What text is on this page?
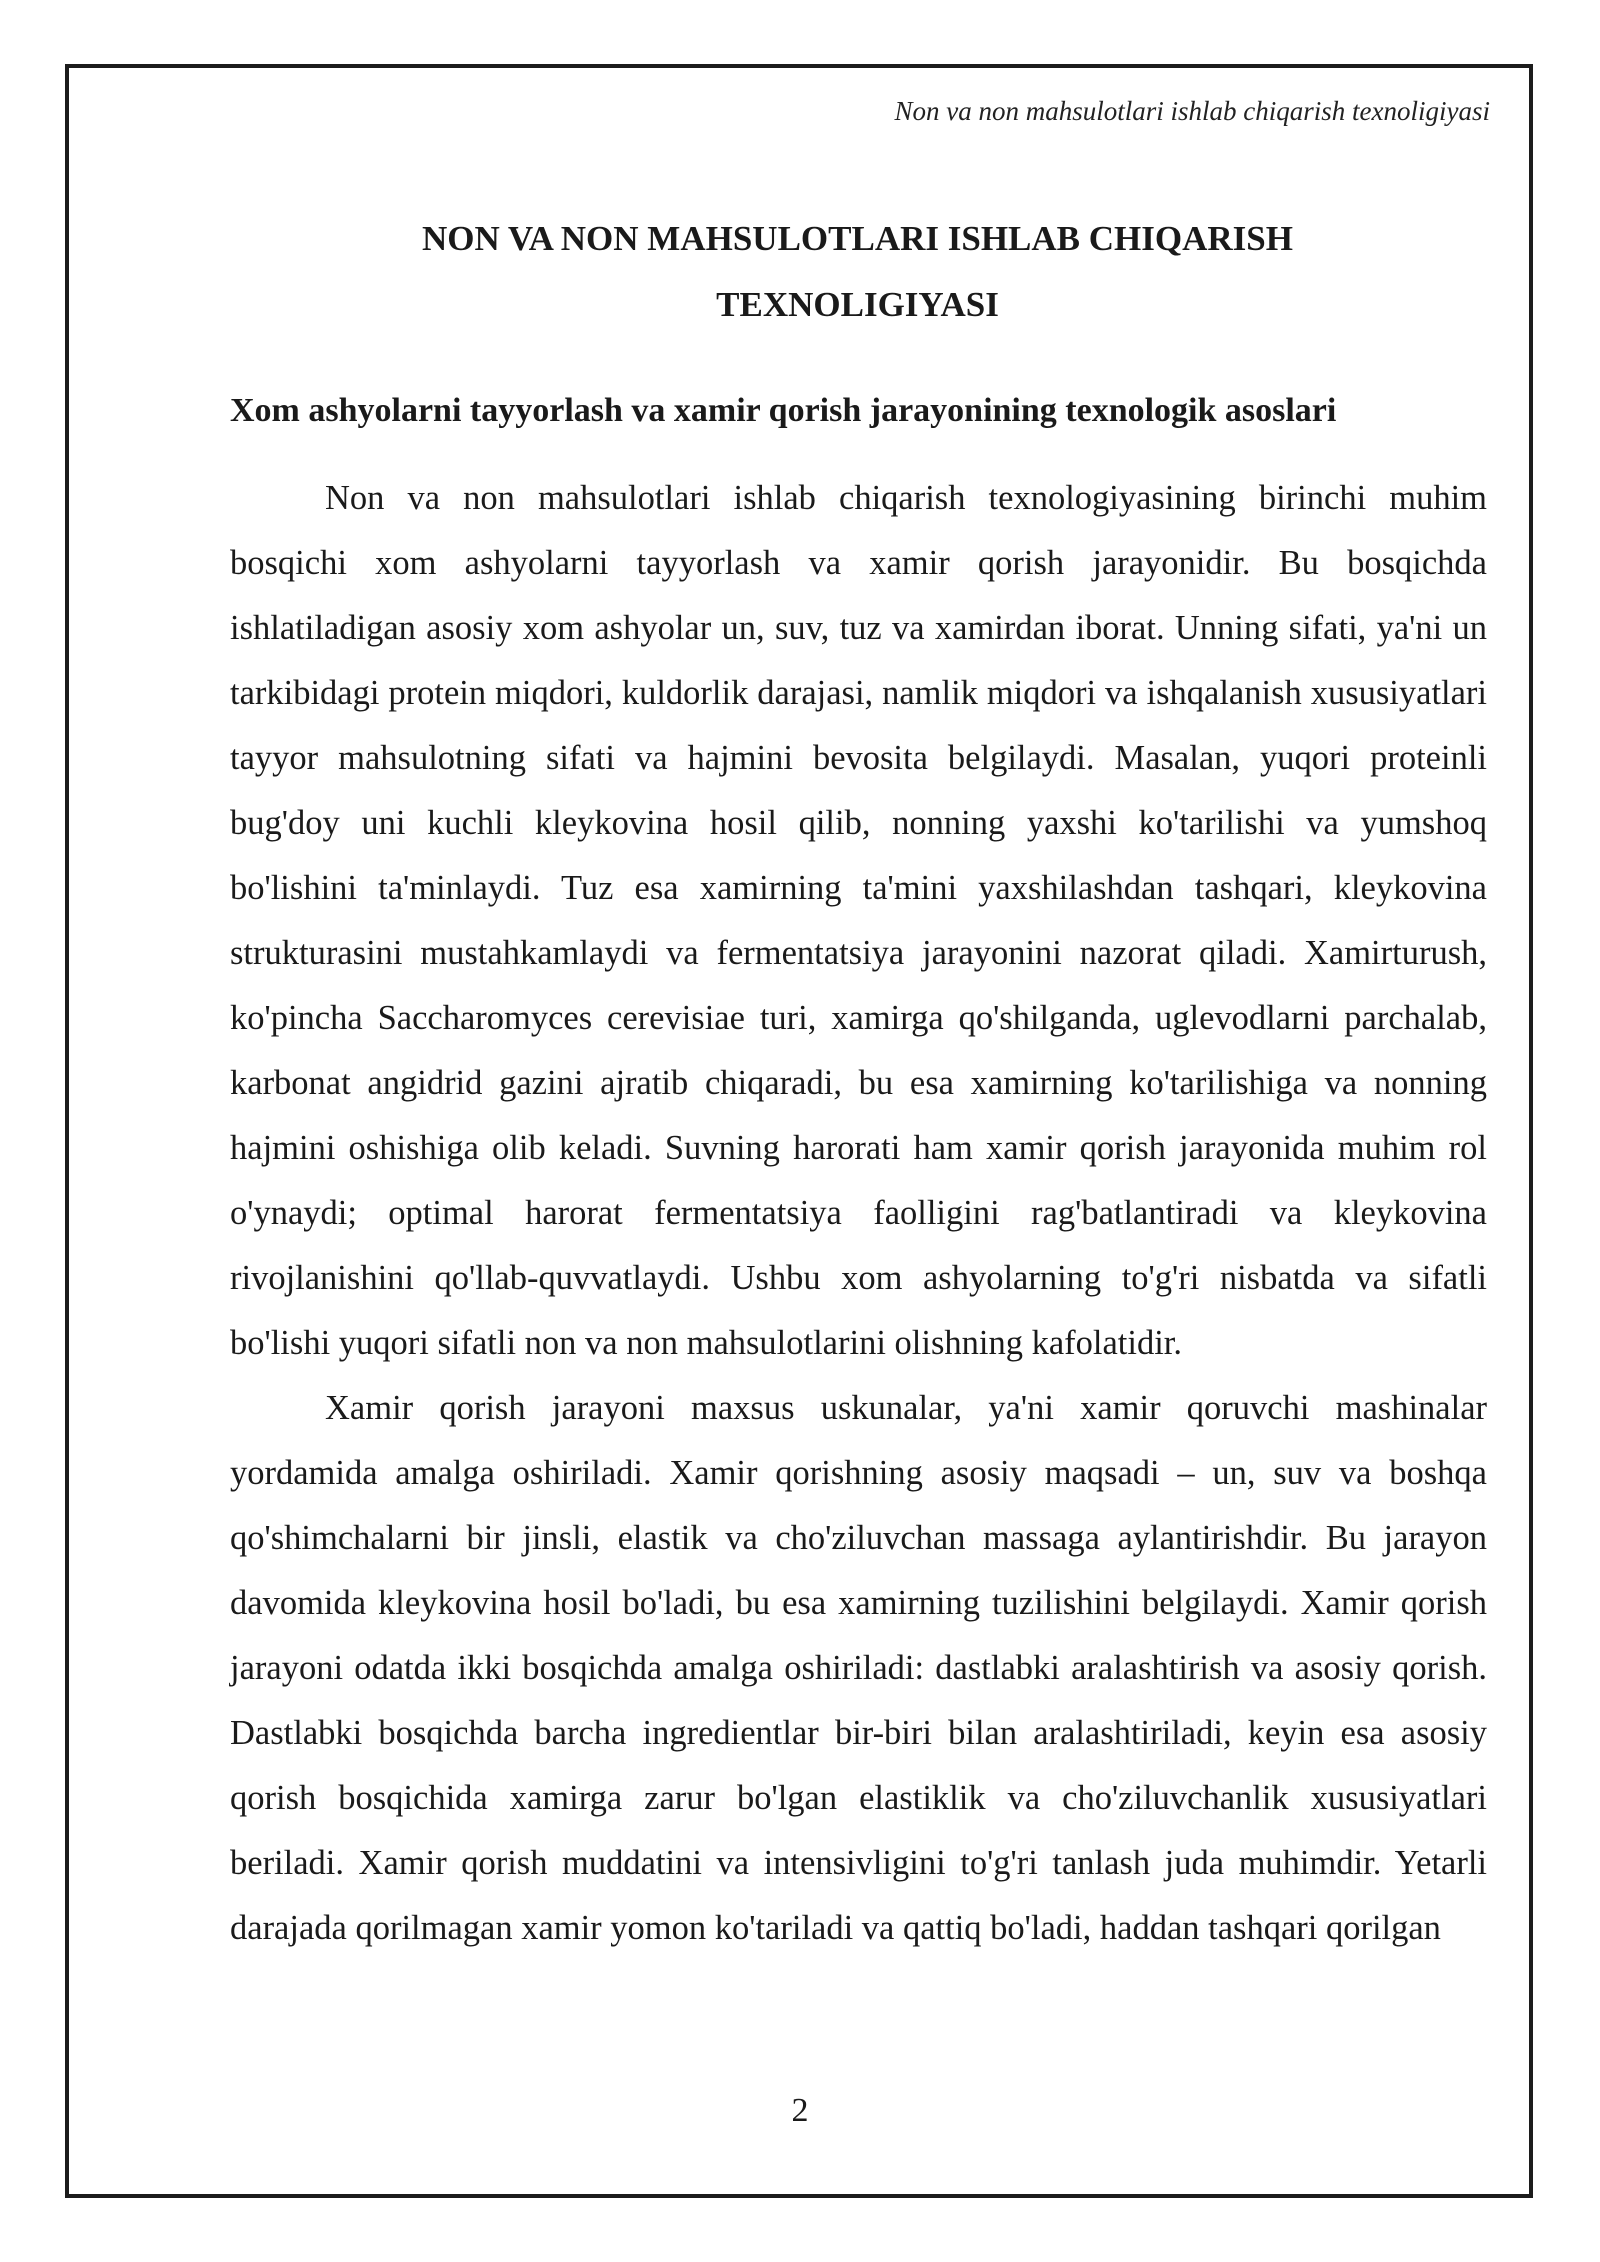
Non va non mahsulotlari ishlab chiqarish texnoligiyasi
NON VA NON MAHSULOTLARI ISHLAB CHIQARISH
TEXNOLIGIYASI
Xom ashyolarni tayyorlash va xamir qorish jarayonining texnologik asoslari

Non va non mahsulotlari ishlab chiqarish texnologiyasining birinchi muhim bosqichi xom ashyolarni tayyorlash va xamir qorish jarayonidir. Bu bosqichda ishlatiladigan asosiy xom ashyolar un, suv, tuz va xamirdan iborat. Unning sifati, ya'ni un tarkibidagi protein miqdori, kuldorlik darajasi, namlik miqdori va ishqalanish xususiyatlari tayyor mahsulotning sifati va hajmini bevosita belgilaydi. Masalan, yuqori proteinli bug'doy uni kuchli kleykovina hosil qilib, nonning yaxshi ko'tarilishi va yumshoq bo'lishini ta'minlaydi. Tuz esa xamirning ta'mini yaxshilashdan tashqari, kleykovina strukturasini mustahkamlaydi va fermentatsiya jarayonini nazorat qiladi. Xamirturush, ko'pincha Saccharomyces cerevisiae turi, xamirga qo'shilganda, uglevodlarni parchalab, karbonat angidrid gazini ajratib chiqaradi, bu esa xamirning ko'tarilishiga va nonning hajmini oshishiga olib keladi. Suvning harorati ham xamir qorish jarayonida muhim rol o'ynaydi; optimal harorat fermentatsiya faolligini rag'batlantiradi va kleykovina rivojlanishini qo'llab-quvvatlaydi. Ushbu xom ashyolarning to'g'ri nisbatda va sifatli bo'lishi yuqori sifatli non va non mahsulotlarini olishning kafolatidir.

Xamir qorish jarayoni maxsus uskunalar, ya'ni xamir qoruvchi mashinalar yordamida amalga oshiriladi. Xamir qorishning asosiy maqsadi – un, suv va boshqa qo'shimchalarni bir jinsli, elastik va cho'ziluvchan massaga aylantirishdir. Bu jarayon davomida kleykovina hosil bo'ladi, bu esa xamirning tuzilishini belgilaydi. Xamir qorish jarayoni odatda ikki bosqichda amalga oshiriladi: dastlabki aralashtirish va asosiy qorish. Dastlabki bosqichda barcha ingredientlar bir-biri bilan aralashtiriladi, keyin esa asosiy qorish bosqichida xamirga zarur bo'lgan elastiklik va cho'ziluvchanlik xususiyatlari beriladi. Xamir qorish muddatini va intensivligini to'g'ri tanlash juda muhimdir. Yetarli darajada qorilmagan xamir yomon ko'tariladi va qattiq bo'ladi, haddan tashqari qorilgan

2
